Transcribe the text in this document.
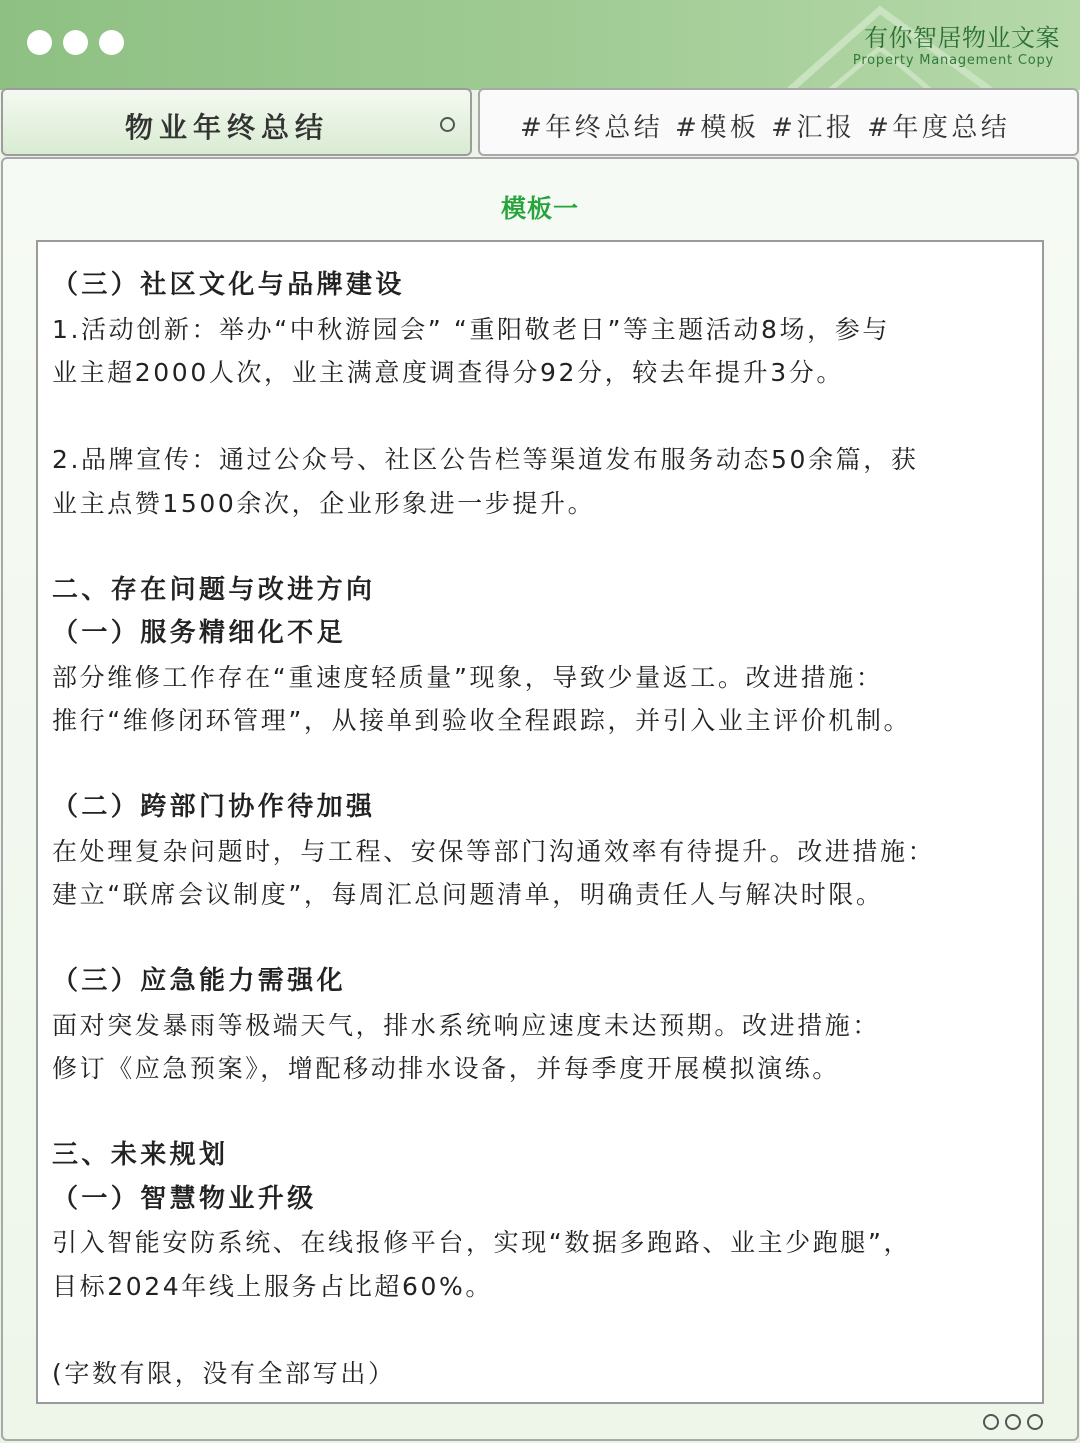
有你智居物业文案
Property Management Copy
物业年终总结	#年终总结 #模板 #汇报 #年度总结
模板一
（三）社区文化与品牌建设
1.活动创新：举办“中秋游园会” “重阳敬老日”等主题活动8场，参与
业主超2000人次，业主满意度调查得分92分，较去年提升3分。
2.品牌宣传：通过公众号、社区公告栏等渠道发布服务动态50余篇，获
业主点赞1500余次，企业形象进一步提升。
二、存在问题与改进方向
（一）服务精细化不足
部分维修工作存在“重速度轻质量”现象，导致少量返工。改进措施：
推行“维修闭环管理”，从接单到验收全程跟踪，并引入业主评价机制。
（二）跨部门协作待加强
在处理复杂问题时，与工程、安保等部门沟通效率有待提升。改进措施：
建立“联席会议制度”，每周汇总问题清单，明确责任人与解决时限。
（三）应急能力需强化
面对突发暴雨等极端天气，排水系统响应速度未达预期。改进措施：
修订《应急预案》，增配移动排水设备，并每季度开展模拟演练。
三、未来规划
（一）智慧物业升级
引入智能安防系统、在线报修平台，实现“数据多跑路、业主少跑腿”，
目标2024年线上服务占比超60%。
(字数有限，没有全部写出）
